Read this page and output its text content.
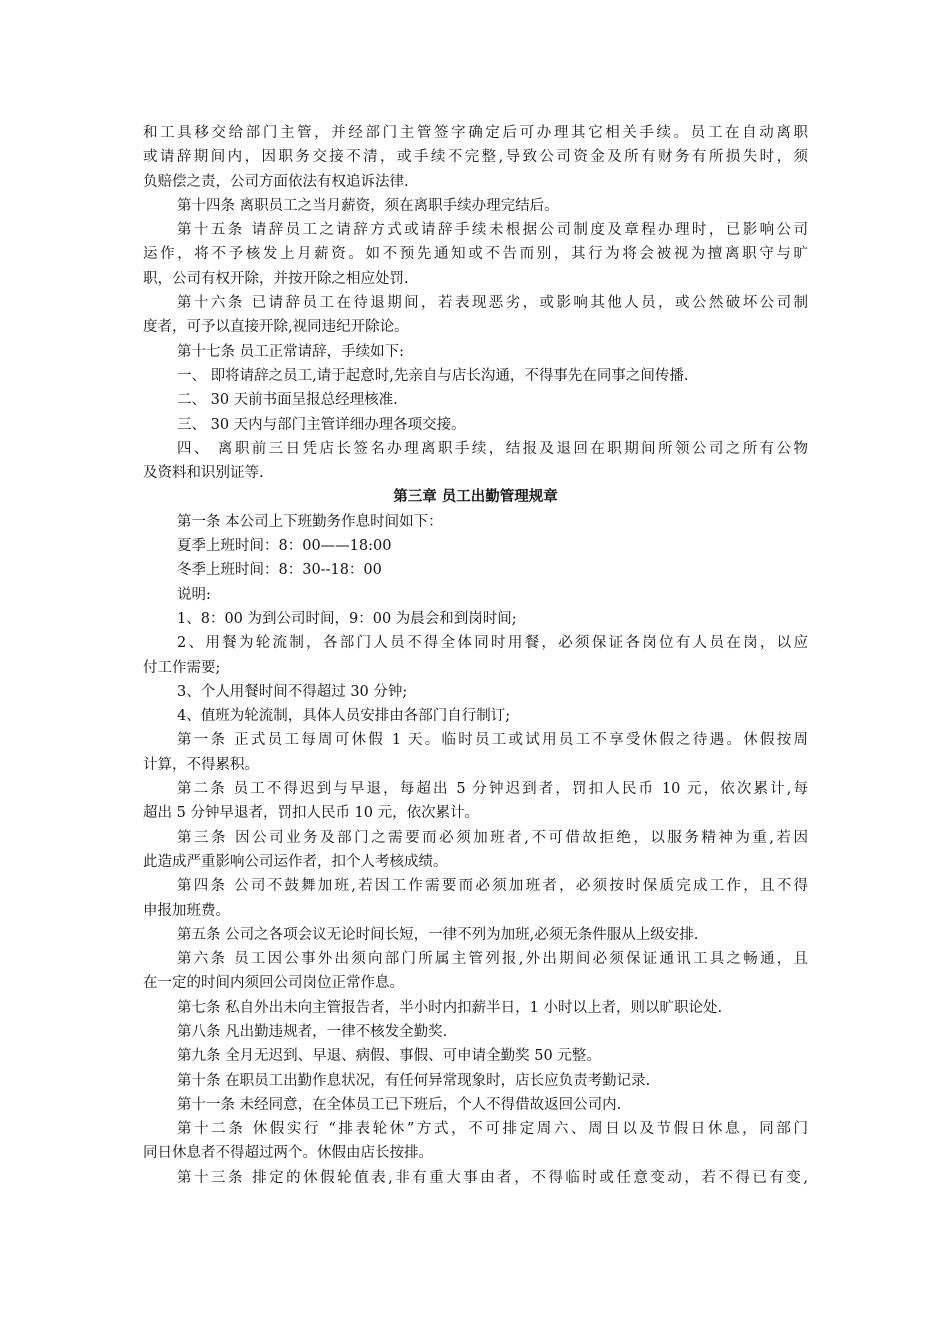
和工具移交给部门主管，并经部门主管签字确定后可办理其它相关手续。员工在自动离职
或请辞期间内，因职务交接不清，或手续不完整,导致公司资金及所有财务有所损失时，须
负赔偿之责，公司方面依法有权追诉法律.
第十四条 离职员工之当月薪资，须在离职手续办理完结后。
第十五条 请辞员工之请辞方式或请辞手续未根据公司制度及章程办理时，已影响公司
运作，将不予核发上月薪资。如不预先通知或不告而别，其行为将会被视为擅离职守与旷
职，公司有权开除，并按开除之相应处罚.
第十六条 已请辞员工在待退期间，若表现恶劣，或影响其他人员，或公然破坏公司制
度者，可予以直接开除,视同违纪开除论。
第十七条 员工正常请辞，手续如下:
一、 即将请辞之员工,请于起意时,先亲自与店长沟通，不得事先在同事之间传播.
二、 30 天前书面呈报总经理核准.
三、 30 天内与部门主管详细办理各项交接。
四、 离职前三日凭店长签名办理离职手续，结报及退回在职期间所领公司之所有公物
及资料和识别证等.
第三章 员工出勤管理规章
第一条 本公司上下班勤务作息时间如下：
夏季上班时间：8：00——18:00
冬季上班时间：8：30--18：00
说明:
1、8：00 为到公司时间，9：00 为晨会和到岗时间;
2、用餐为轮流制，各部门人员不得全体同时用餐，必须保证各岗位有人员在岗，以应
付工作需要;
3、个人用餐时间不得超过 30 分钟;
4、值班为轮流制，具体人员安排由各部门自行制订;
第一条 正式员工每周可休假 1 天。临时员工或试用员工不享受休假之待遇。休假按周
计算，不得累积。
第二条 员工不得迟到与早退，每超出 5 分钟迟到者，罚扣人民币 10 元，依次累计,每
超出 5 分钟早退者，罚扣人民币 10 元，依次累计。
第三条 因公司业务及部门之需要而必须加班者,不可借故拒绝，以服务精神为重,若因
此造成严重影响公司运作者，扣个人考核成绩。
第四条 公司不鼓舞加班,若因工作需要而必须加班者，必须按时保质完成工作，且不得
申报加班费。
第五条 公司之各项会议无论时间长短，一律不列为加班,必须无条件服从上级安排.
第六条 员工因公事外出须向部门所属主管列报,外出期间必须保证通讯工具之畅通，且
在一定的时间内须回公司岗位正常作息。
第七条 私自外出未向主管报告者，半小时内扣薪半日，1 小时以上者，则以旷职论处.
第八条 凡出勤违规者，一律不核发全勤奖.
第九条 全月无迟到、早退、病假、事假、可申请全勤奖 50 元整。
第十条 在职员工出勤作息状况，有任何异常现象时，店长应负责考勤记录.
第十一条 未经同意，在全体员工已下班后，个人不得借故返回公司内.
第十二条 休假实行 “排表轮休”方式，不可排定周六、周日以及节假日休息，同部门
同日休息者不得超过两个。休假由店长按排。
第十三条 排定的休假轮值表,非有重大事由者，不得临时或任意变动，若不得已有变,
